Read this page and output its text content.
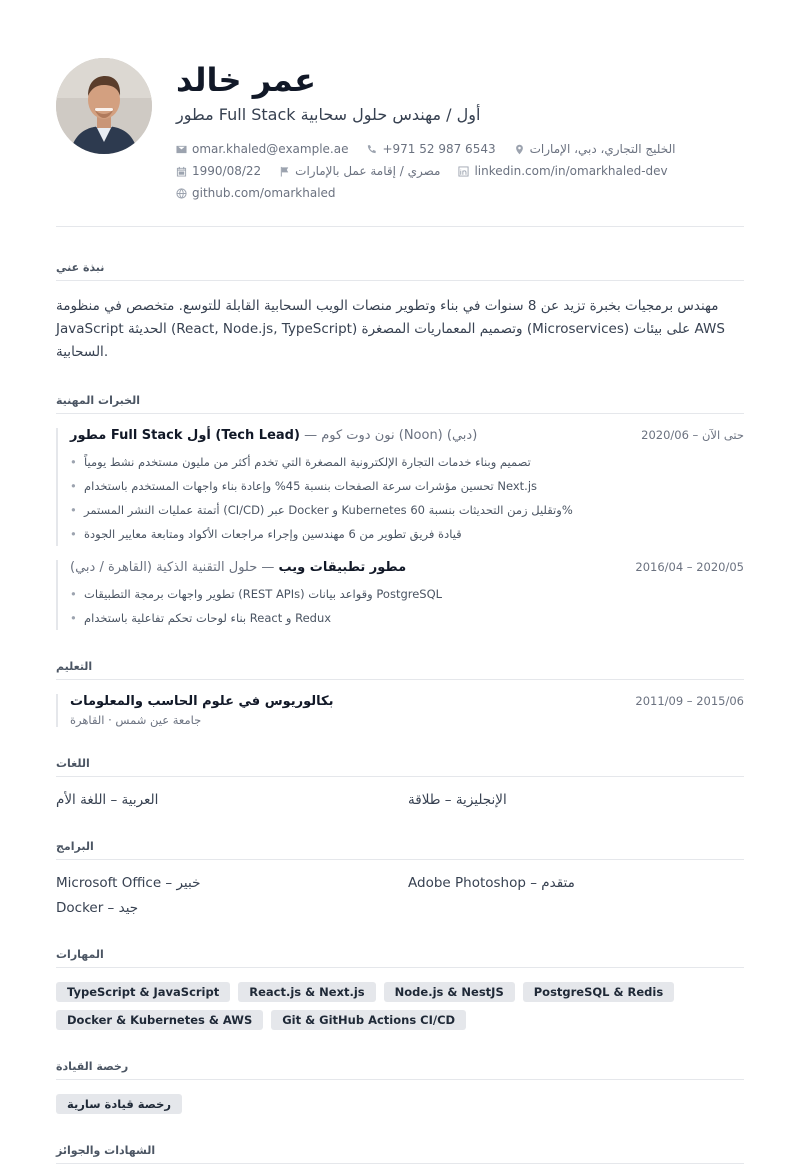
عمر خالد
مطور Full Stack أول / مهندس حلول سحابية
omar.khaled@example.ae	+971 52 987 6543	الخليج التجاري، دبي، الإمارات
1990/08/22	مصري / إقامة عمل بالإمارات	linkedin.com/in/omarkhaled-dev
github.com/omarkhaled
نبذة عني

مهندس برمجيات بخبرة تزيد عن 8 سنوات في بناء وتطوير منصات الويب السحابية القابلة للتوسع. متخصص في منظومة JavaScript الحديثة (React, Node.js, TypeScript) وتصميم المعماريات المصغرة (Microservices) على بيئات AWS السحابية.

الخبرات المهنية
مطور Full Stack أول (Tech Lead) — نون دوت كوم (Noon) (دبي)	2020/06 – حتى الآن
• تصميم وبناء خدمات التجارة الإلكترونية المصغرة التي تخدم أكثر من مليون مستخدم نشط يومياً
• تحسين مؤشرات سرعة الصفحات بنسبة 45% وإعادة بناء واجهات المستخدم باستخدام Next.js
• أتمتة عمليات النشر المستمر (CI/CD) عبر Docker و Kubernetes وتقليل زمن التحديثات بنسبة 60%
• قيادة فريق تطوير من 6 مهندسين وإجراء مراجعات الأكواد ومتابعة معايير الجودة
مطور تطبيقات ويب — حلول التقنية الذكية (القاهرة / دبي)	2016/04 – 2020/05
• تطوير واجهات برمجة التطبيقات (REST APIs) وقواعد بيانات PostgreSQL
• بناء لوحات تحكم تفاعلية باستخدام React و Redux
التعليم
بكالوريوس في علوم الحاسب والمعلومات	2011/09 – 2015/06
جامعة عين شمس · القاهرة
اللغات
العربية – اللغة الأم	الإنجليزية – طلاقة
البرامج
Microsoft Office – خبير	Adobe Photoshop – متقدم
Docker – جيد
المهارات
TypeScript & JavaScript	React.js & Next.js	Node.js & NestJS	PostgreSQL & Redis
Docker & Kubernetes & AWS	Git & GitHub Actions CI/CD
رخصة القيادة
رخصة قيادة سارية
الشهادات والجوائز
